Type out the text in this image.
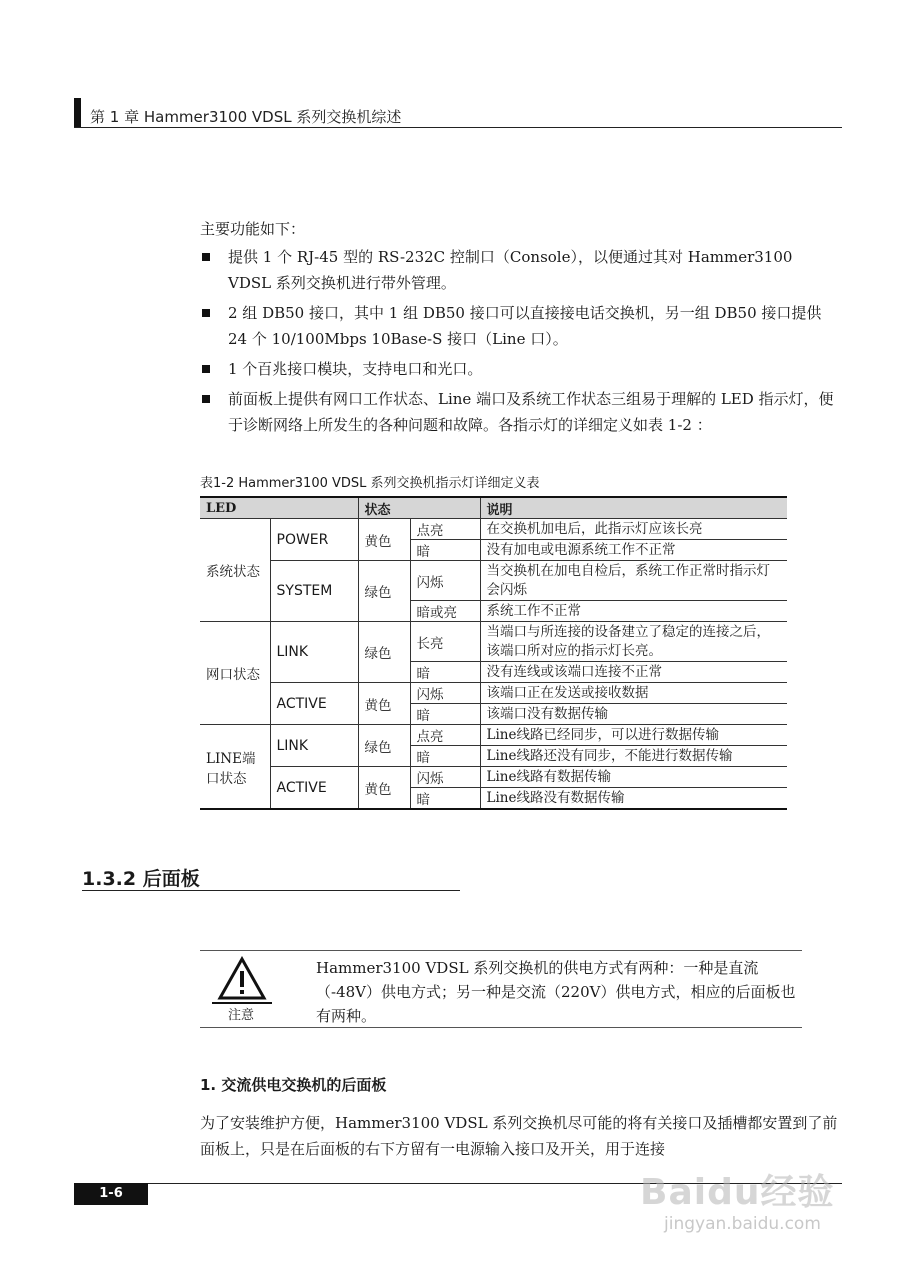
第 1 章 Hammer3100 VDSL 系列交换机综述
主要功能如下：
提供 1 个 RJ-45 型的 RS-232C 控制口（Console），以便通过其对 Hammer3100 VDSL 系列交换机进行带外管理。
2 组 DB50 接口，其中 1 组 DB50 接口可以直接接电话交换机，另一组 DB50 接口提供 24 个 10/100Mbps 10Base-S 接口（Line 口）。
1 个百兆接口模块，支持电口和光口。
前面板上提供有网口工作状态、Line 端口及系统工作状态三组易于理解的 LED 指示灯，便于诊断网络上所发生的各种问题和故障。各指示灯的详细定义如表 1-2 ：
表1-2 Hammer3100 VDSL 系列交换机指示灯详细定义表
LED		状态		说明
系统状态	POWER	黄色	点亮	在交换机加电后，此指示灯应该长亮
			暗	没有加电或电源系统工作不正常
	SYSTEM	绿色	闪烁	当交换机在加电自检后，系统工作正常时指示灯会闪烁
			暗或亮	系统工作不正常
网口状态	LINK	绿色	长亮	当端口与所连接的设备建立了稳定的连接之后，该端口所对应的指示灯长亮。
			暗	没有连线或该端口连接不正常
	ACTIVE	黄色	闪烁	该端口正在发送或接收数据
			暗	该端口没有数据传输
LINE端口状态	LINK	绿色	点亮	Line线路已经同步，可以进行数据传输
			暗	Line线路还没有同步，不能进行数据传输
	ACTIVE	黄色	闪烁	Line线路有数据传输
			暗	Line线路没有数据传输
1.3.2 后面板
注意
Hammer3100 VDSL 系列交换机的供电方式有两种：一种是直流（-48V）供电方式；另一种是交流（220V）供电方式，相应的后面板也有两种。
1. 交流供电交换机的后面板
为了安装维护方便，Hammer3100 VDSL 系列交换机尽可能的将有关接口及插槽都安置到了前面板上，只是在后面板的右下方留有一电源输入接口及开关，用于连接
1-6	Baidu经验
jingyan.baidu.com
